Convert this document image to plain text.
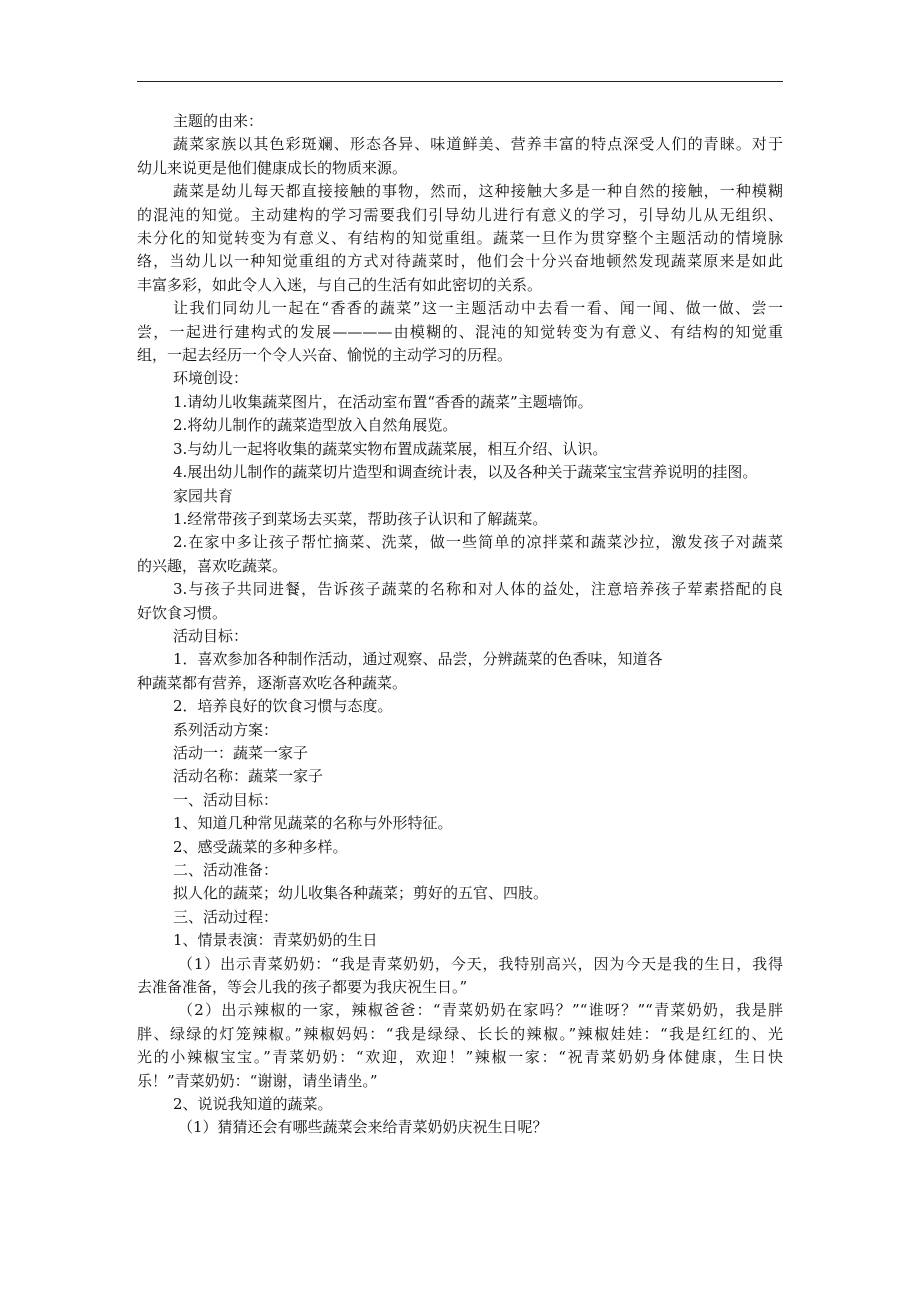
主题的由来：
蔬菜家族以其色彩斑斓、形态各异、味道鲜美、营养丰富的特点深受人们的青睐。对于
幼儿来说更是他们健康成长的物质来源。
蔬菜是幼儿每天都直接接触的事物，然而，这种接触大多是一种自然的接触，一种模糊
的混沌的知觉。主动建构的学习需要我们引导幼儿进行有意义的学习，引导幼儿从无组织、
未分化的知觉转变为有意义、有结构的知觉重组。蔬菜一旦作为贯穿整个主题活动的情境脉
络，当幼儿以一种知觉重组的方式对待蔬菜时，他们会十分兴奋地顿然发现蔬菜原来是如此
丰富多彩，如此令人入迷，与自己的生活有如此密切的关系。
让我们同幼儿一起在“香香的蔬菜”这一主题活动中去看一看、闻一闻、做一做、尝一
尝，一起进行建构式的发展————由模糊的、混沌的知觉转变为有意义、有结构的知觉重
组，一起去经历一个令人兴奋、愉悦的主动学习的历程。
环境创设：
1.请幼儿收集蔬菜图片，在活动室布置“香香的蔬菜”主题墙饰。
2.将幼儿制作的蔬菜造型放入自然角展览。
3.与幼儿一起将收集的蔬菜实物布置成蔬菜展，相互介绍、认识。
4.展出幼儿制作的蔬菜切片造型和调查统计表，以及各种关于蔬菜宝宝营养说明的挂图。
家园共育
1.经常带孩子到菜场去买菜，帮助孩子认识和了解蔬菜。
2.在家中多让孩子帮忙摘菜、洗菜，做一些简单的凉拌菜和蔬菜沙拉，激发孩子对蔬菜
的兴趣，喜欢吃蔬菜。
3.与孩子共同进餐，告诉孩子蔬菜的名称和对人体的益处，注意培养孩子荤素搭配的良
好饮食习惯。
活动目标：
1．喜欢参加各种制作活动，通过观察、品尝，分辨蔬菜的色香味，知道各
种蔬菜都有营养，逐渐喜欢吃各种蔬菜。
2．培养良好的饮食习惯与态度。
系列活动方案：
活动一：蔬菜一家子
活动名称：蔬菜一家子
一、活动目标：
1、知道几种常见蔬菜的名称与外形特征。
2、感受蔬菜的多种多样。
二、活动准备：
拟人化的蔬菜；幼儿收集各种蔬菜；剪好的五官、四肢。
三、活动过程：
1、情景表演：青菜奶奶的生日
（1）出示青菜奶奶：“我是青菜奶奶，今天，我特别高兴，因为今天是我的生日，我得
去准备准备，等会儿我的孩子都要为我庆祝生日。”
（2）出示辣椒的一家，辣椒爸爸：“青菜奶奶在家吗？”“谁呀？”“青菜奶奶，我是胖
胖、绿绿的灯笼辣椒。”辣椒妈妈：“我是绿绿、长长的辣椒。”辣椒娃娃：“我是红红的、光
光的小辣椒宝宝。”青菜奶奶：“欢迎，欢迎！”辣椒一家：“祝青菜奶奶身体健康，生日快
乐！”青菜奶奶：“谢谢，请坐请坐。”
2、说说我知道的蔬菜。
（1）猜猜还会有哪些蔬菜会来给青菜奶奶庆祝生日呢？
